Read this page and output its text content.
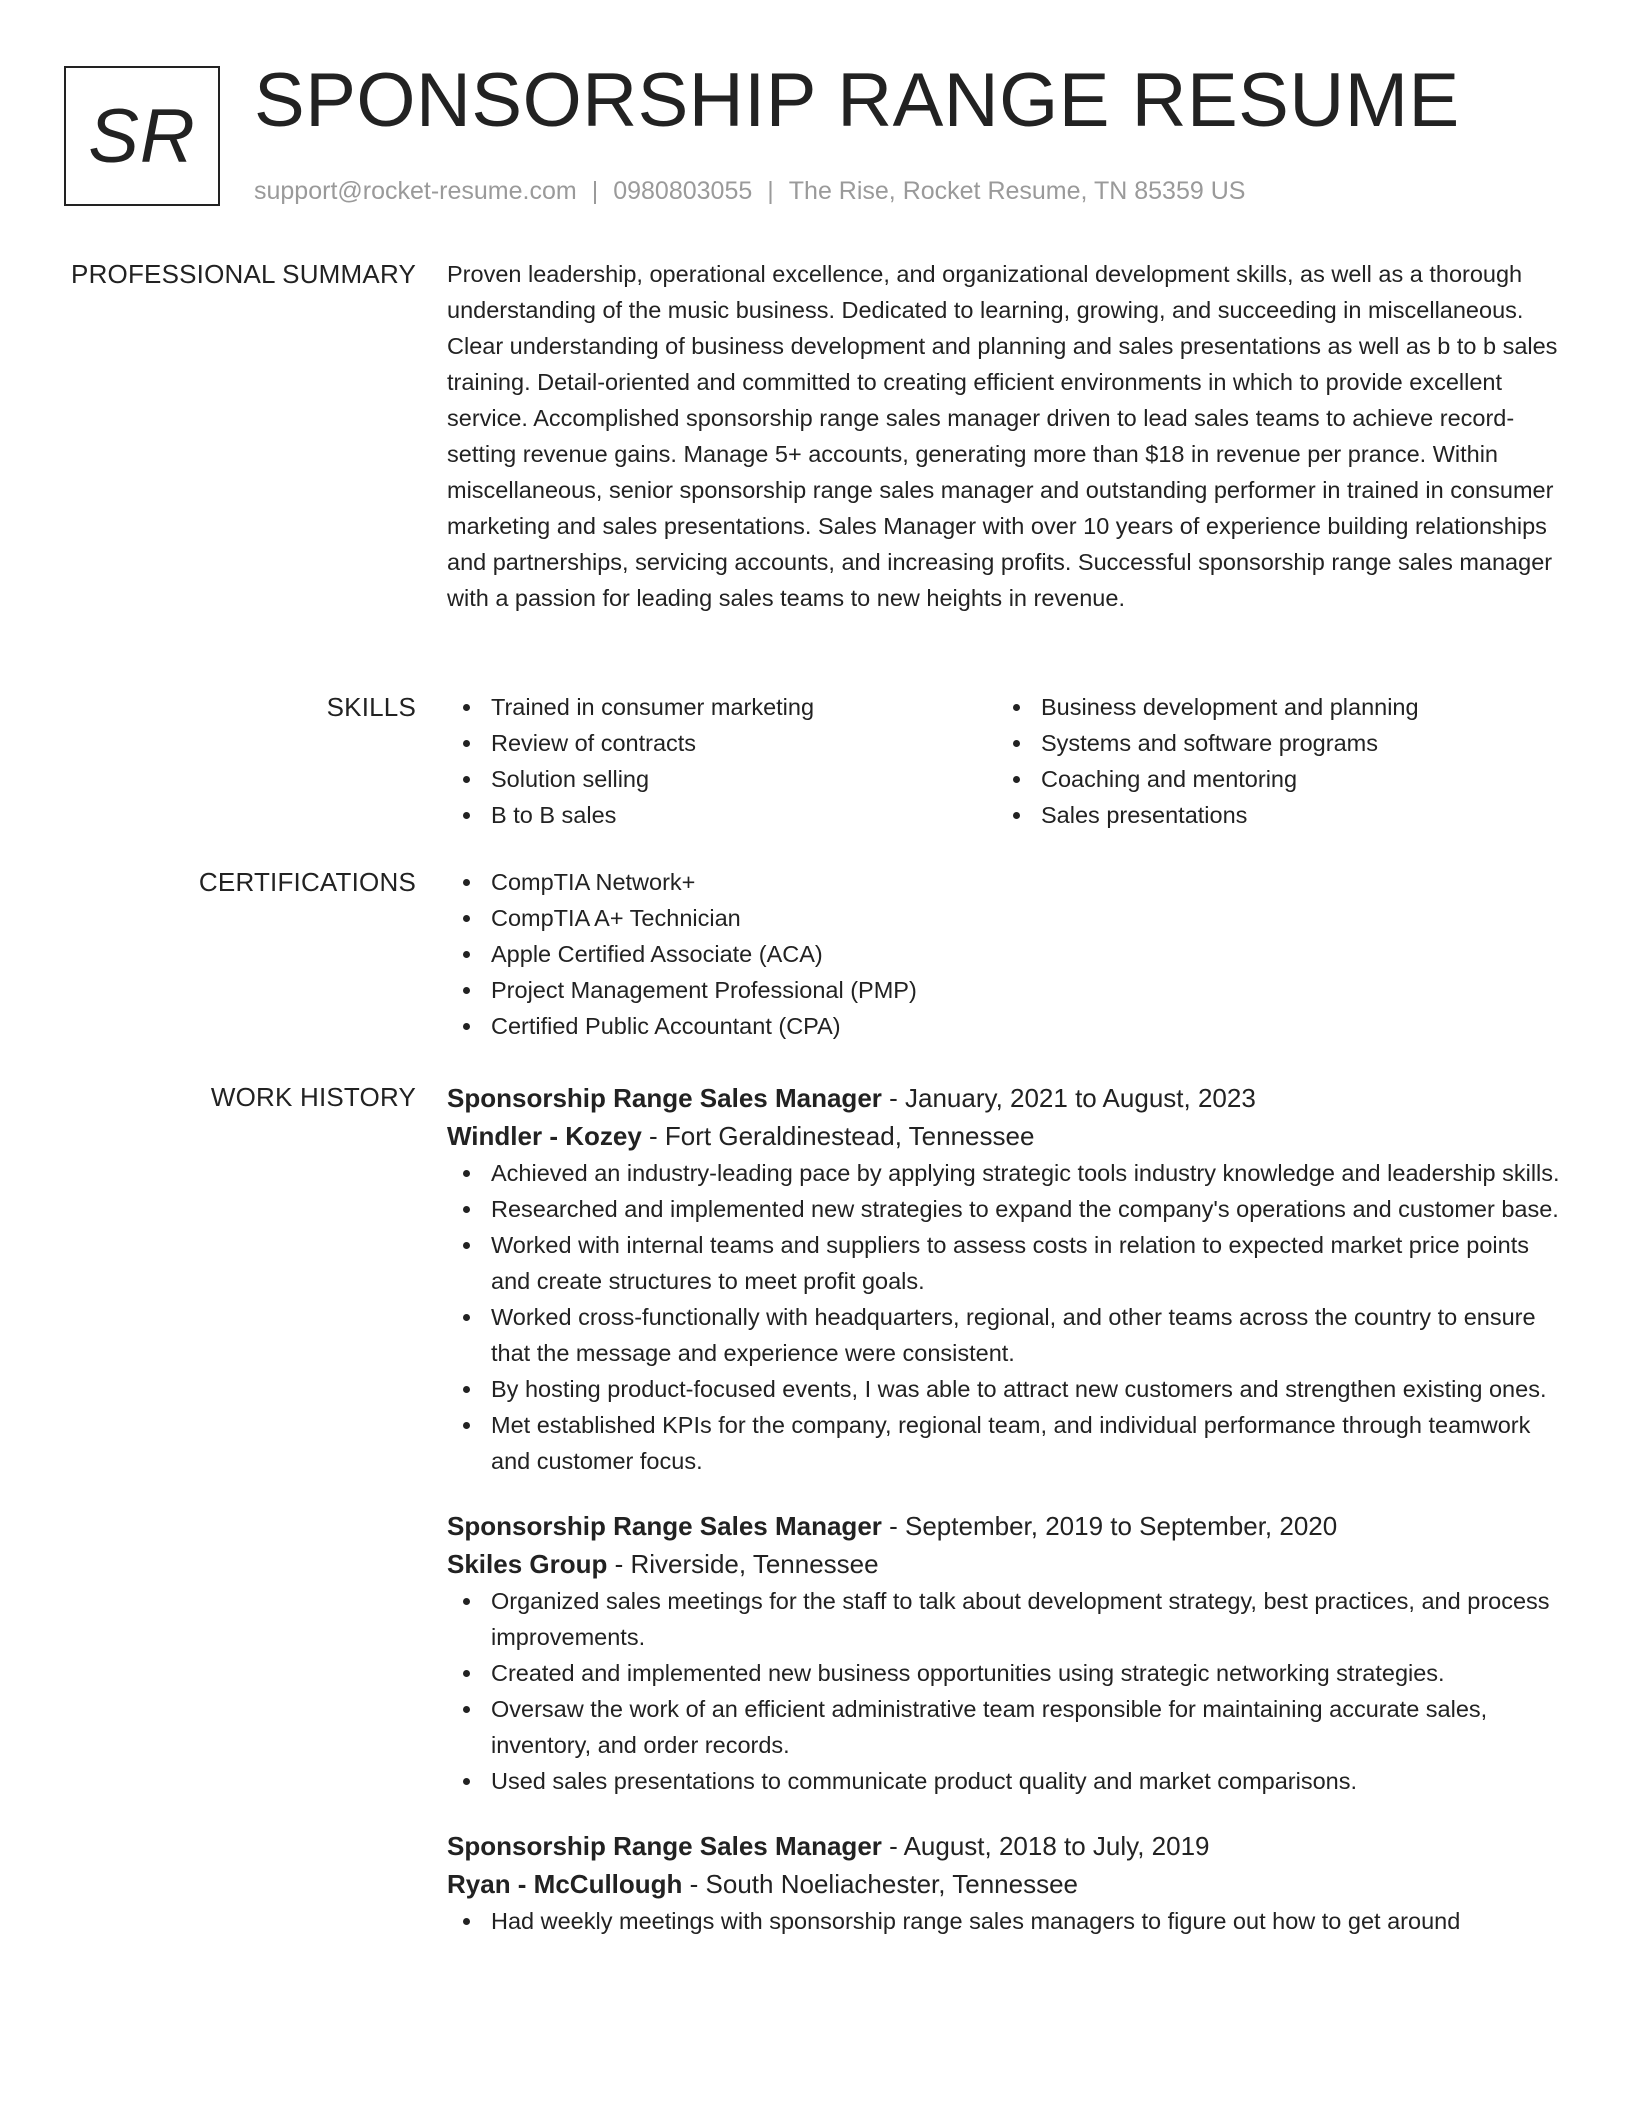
SR SPONSORSHIP RANGE RESUME
support@rocket-resume.com | 0980803055 | The Rise, Rocket Resume, TN 85359 US
PROFESSIONAL SUMMARY Proven leadership, operational excellence, and organizational development skills, as well as a thorough understanding of the music business. Dedicated to learning, growing, and succeeding in miscellaneous. Clear understanding of business development and planning and sales presentations as well as b to b sales training. Detail-oriented and committed to creating efficient environments in which to provide excellent service. Accomplished sponsorship range sales manager driven to lead sales teams to achieve record-setting revenue gains. Manage 5+ accounts, generating more than $18 in revenue per prance. Within miscellaneous, senior sponsorship range sales manager and outstanding performer in trained in consumer marketing and sales presentations. Sales Manager with over 10 years of experience building relationships and partnerships, servicing accounts, and increasing profits. Successful sponsorship range sales manager with a passion for leading sales teams to new heights in revenue.

SKILLS	Trained in consumer marketing
Review of contracts
Solution selling
B to B sales
Business development and planning
Systems and software programs
Coaching and mentoring
Sales presentations
CERTIFICATIONS	CompTIA Network+
CompTIA A+ Technician
Apple Certified Associate (ACA)
Project Management Professional (PMP)
Certified Public Accountant (CPA)
WORK HISTORY Sponsorship Range Sales Manager - January, 2021 to August, 2023
Windler - Kozey - Fort Geraldinestead, Tennessee
Achieved an industry-leading pace by applying strategic tools industry knowledge and leadership skills.
Researched and implemented new strategies to expand the company's operations and customer base.
Worked with internal teams and suppliers to assess costs in relation to expected market price points and create structures to meet profit goals.
Worked cross-functionally with headquarters, regional, and other teams across the country to ensure that the message and experience were consistent.
By hosting product-focused events, I was able to attract new customers and strengthen existing ones.
Met established KPIs for the company, regional team, and individual performance through teamwork and customer focus.
Sponsorship Range Sales Manager - September, 2019 to September, 2020
Skiles Group - Riverside, Tennessee
Organized sales meetings for the staff to talk about development strategy, best practices, and process improvements.
Created and implemented new business opportunities using strategic networking strategies.
Oversaw the work of an efficient administrative team responsible for maintaining accurate sales, inventory, and order records.
Used sales presentations to communicate product quality and market comparisons.
Sponsorship Range Sales Manager - August, 2018 to July, 2019
Ryan - McCullough - South Noeliachester, Tennessee
Had weekly meetings with sponsorship range sales managers to figure out how to get around
